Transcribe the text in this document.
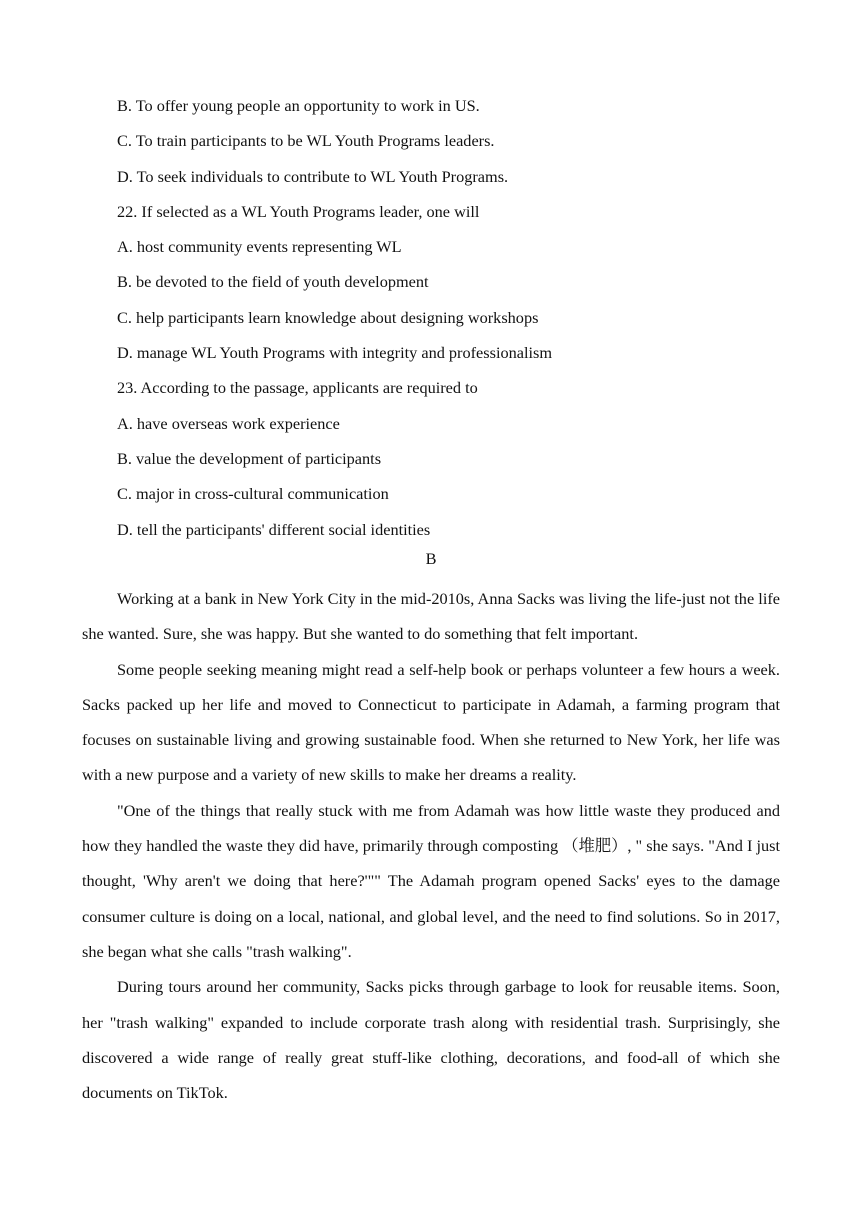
B. To offer young people an opportunity to work in US.

C. To train participants to be WL Youth Programs leaders.

D. To seek individuals to contribute to WL Youth Programs.

22. If selected as a WL Youth Programs leader, one will

A. host community events representing WL

B. be devoted to the field of youth development

C. help participants learn knowledge about designing workshops

D. manage WL Youth Programs with integrity and professionalism

23. According to the passage, applicants are required to

A. have overseas work experience

B. value the development of participants

C. major in cross-cultural communication

D. tell the participants' different social identities

B

Working at a bank in New York City in the mid-2010s, Anna Sacks was living the life-just not the life she wanted. Sure, she was happy. But she wanted to do something that felt important.

Some people seeking meaning might read a self-help book or perhaps volunteer a few hours a week. Sacks packed up her life and moved to Connecticut to participate in Adamah, a farming program that focuses on sustainable living and growing sustainable food. When she returned to New York, her life was with a new purpose and a variety of new skills to make her dreams a reality.

"One of the things that really stuck with me from Adamah was how little waste they produced and how they handled the waste they did have, primarily through composting （堆肥）, " she says. "And I just thought, 'Why aren't we doing that here?'"" The Adamah program opened Sacks' eyes to the damage consumer culture is doing on a local, national, and global level, and the need to find solutions. So in 2017, she began what she calls "trash walking".

During tours around her community, Sacks picks through garbage to look for reusable items. Soon, her "trash walking" expanded to include corporate trash along with residential trash. Surprisingly, she discovered a wide range of really great stuff-like clothing, decorations, and food-all of which she documents on TikTok.
